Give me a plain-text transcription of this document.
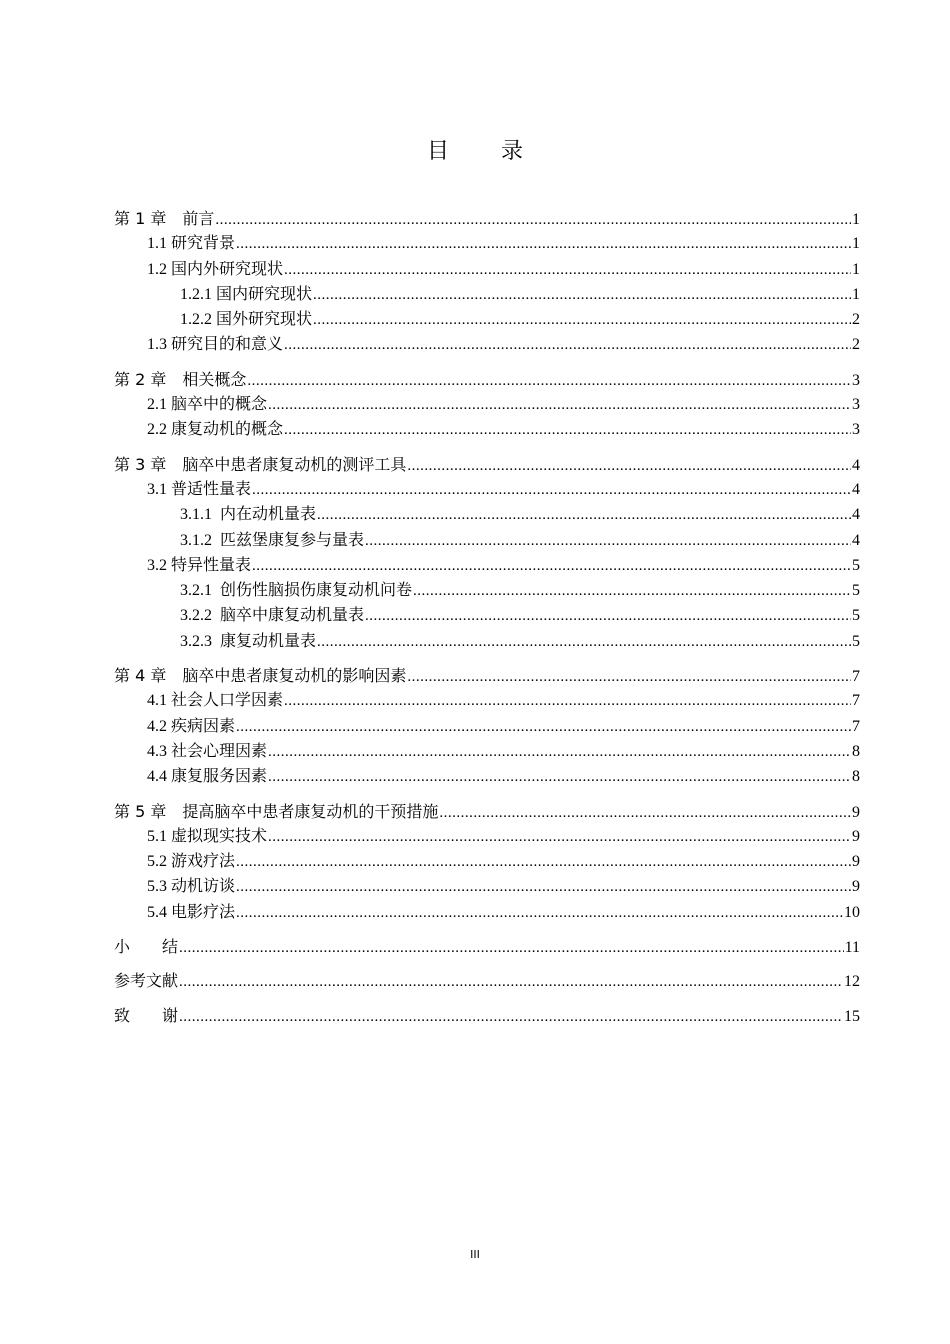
目 录
第 1 章　 前言 .....	1
1.1 研究背景 .....	1
1.2 国内外研究现状 .....	1
1.2.1 国内研究现状 .....	1
1.2.2 国外研究现状 .....	2
1.3 研究目的和意义 .....	2
第 2 章　 相关概念 .....	3
2.1 脑卒中的概念 .....	3
2.2 康复动机的概念 .....	3
第 3 章　 脑卒中患者康复动机的测评工具 .....	4
3.1 普适性量表 .....	4
3.1.1 内在动机量表 .....	4
3.1.2 匹兹堡康复参与量表 .....	4
3.2 特异性量表 .....	5
3.2.1 创伤性脑损伤康复动机问卷 .....	5
3.2.2 脑卒中康复动机量表 .....	5
3.2.3 康复动机量表 .....	5
第 4 章　 脑卒中患者康复动机的影响因素 .....	7
4.1 社会人口学因素 .....	7
4.2 疾病因素 .....	7
4.3 社会心理因素 .....	8
4.4 康复服务因素 .....	8
第 5 章　 提高脑卒中患者康复动机的干预措施 .....	9
5.1 虚拟现实技术 .....	9
5.2 游戏疗法 .....	9
5.3 动机访谈 .....	9
5.4 电影疗法 .....	10
小　　结 .....	11
参考文献 .....	12
致　　谢 .....	15
III
